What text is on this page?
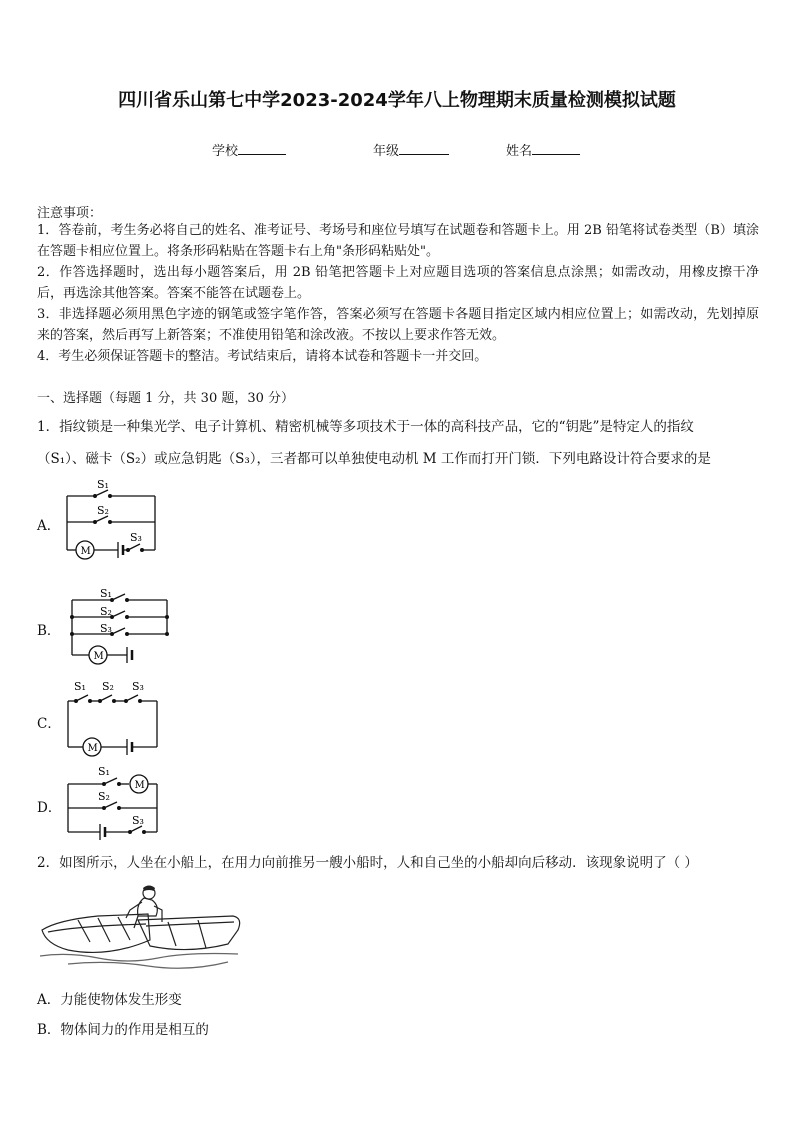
四川省乐山第七中学2023-2024学年八上物理期末质量检测模拟试题
学校	年级	姓名
注意事项：
1．答卷前，考生务必将自己的姓名、准考证号、考场号和座位号填写在试题卷和答题卡上。用 2B 铅笔将试卷类型（B）填涂在答题卡相应位置上。将条形码粘贴在答题卡右上角"条形码粘贴处"。
2．作答选择题时，选出每小题答案后，用 2B 铅笔把答题卡上对应题目选项的答案信息点涂黑；如需改动，用橡皮擦干净后，再选涂其他答案。答案不能答在试题卷上。
3．非选择题必须用黑色字迹的钢笔或签字笔作答，答案必须写在答题卡各题目指定区域内相应位置上；如需改动，先划掉原来的答案，然后再写上新答案；不准使用铅笔和涂改液。不按以上要求作答无效。
4．考生必须保证答题卡的整洁。考试结束后，请将本试卷和答题卡一并交回。
一、选择题（每题 1 分，共 30 题，30 分）
1．指纹锁是一种集光学、电子计算机、精密机械等多项技术于一体的高科技产品，它的“钥匙”是特定人的指纹
（S₁）、磁卡（S₂）或应急钥匙（S₃），三者都可以单独使电动机 M 工作而打开门锁．下列电路设计符合要求的是
A．
S₁
S₂
S₃
M
B．
S₁
S₂
S₃
M
C．
S₁ S₂ S₃
M
D．
S₁
S₂
S₃
M
2．如图所示，人坐在小船上，在用力向前推另一艘小船时，人和自己坐的小船却向后移动．该现象说明了（ ）
A．力能使物体发生形变
B．物体间力的作用是相互的
